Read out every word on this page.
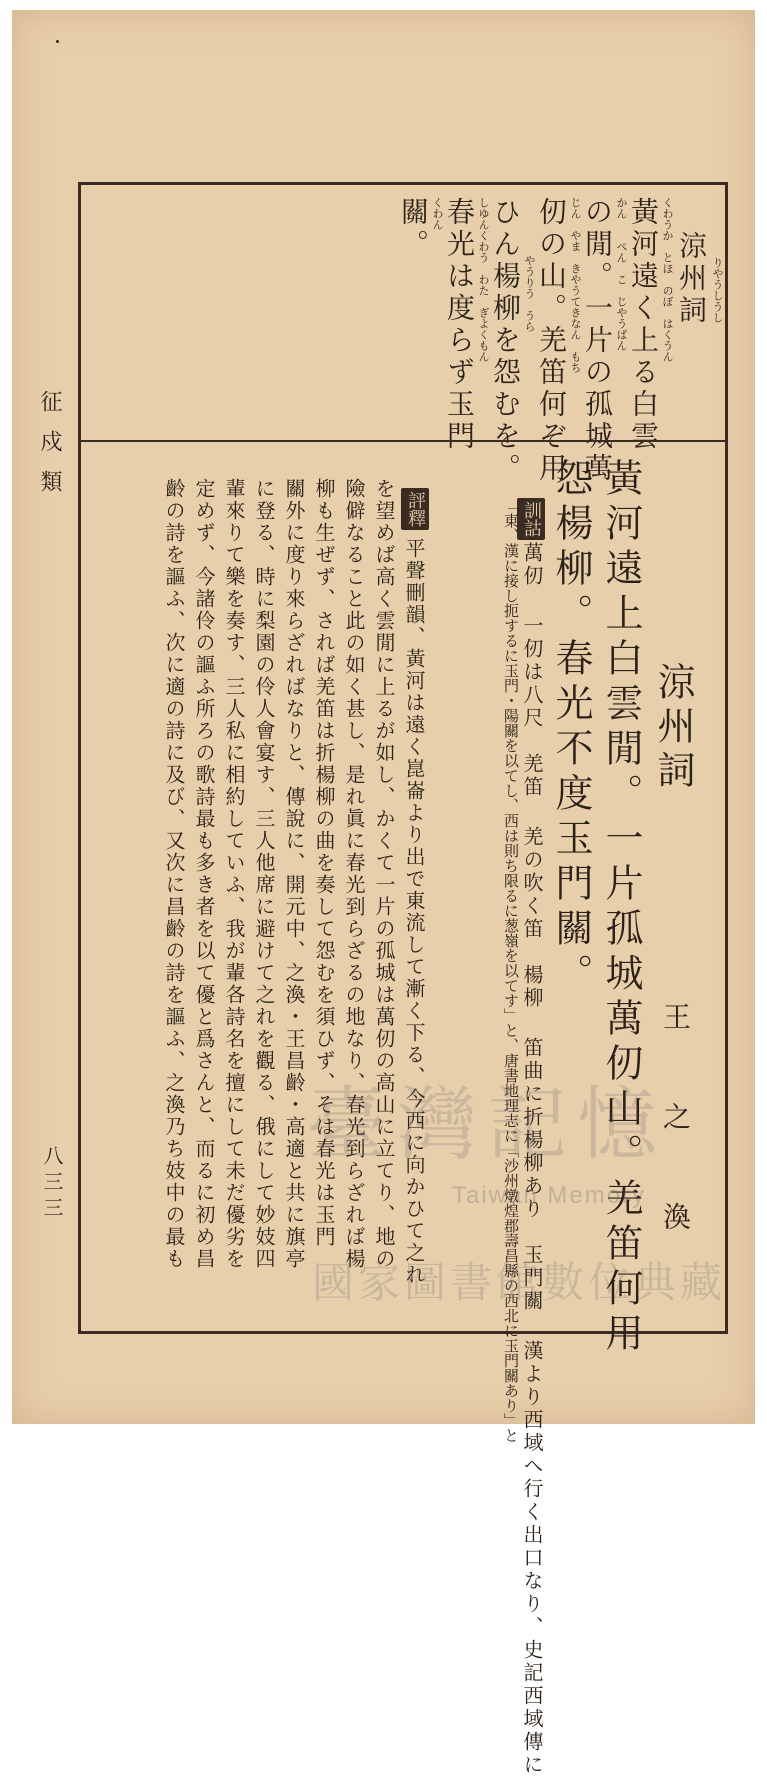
征戍類
八三三
りやうしうし
涼州詞
くわうか　とほ　のぼ　はくうん
黃河遠く上る白雲
かん　　ぺん　こ　じやうばん
の閒。一片の孤城萬
じん　やま　きやうてきなん　もち
仞の山。羌笛何ぞ用
やうりう　うら
ひん楊柳を怨むを。
しゆんくわう　わた　ぎよくもん
春光は度らず玉門
くわん
關。
涼州詞
王　之　渙
黃河遠上白雲閒。一片孤城萬仞山。羌笛何用
怨楊柳。春光不度玉門關。
訓詁
萬仞 一仞は八尺　羌笛 羌の吹く笛　楊柳 笛曲に折楊柳あり　玉門關 漢より西域へ行く出口なり、史記西域傳に
「東、漢に接し扼するに玉門・陽關を以てし、西は則ち限るに葱嶺を以てす」と、唐書地理志に「沙州燉煌郡壽昌縣の西北に玉門關あり」と
評釋
平聲刪韻、黃河は遠く崑崙より出で東流して漸く下る、今西に向かひて之れ
を望めば高く雲閒に上るが如し、かくて一片の孤城は萬仞の高山に立てり、地の
險僻なること此の如く甚し、是れ眞に春光到らざるの地なり、春光到らざれば楊
柳も生ぜず、されば羌笛は折楊柳の曲を奏して怨むを須ひず、そは春光は玉門
關外に度り來らざればなりと、傳說に、開元中、之渙・王昌齡・高適と共に旗亭
に登る、時に梨園の伶人會宴す、三人他席に避けて之れを觀る、俄にして妙妓四
輩來りて樂を奏す、三人私に相約していふ、我が輩各詩名を擅にして未だ優劣を
定めず、今諸伶の謳ふ所ろの歌詩最も多き者を以て優と爲さんと、而るに初め昌
齡の詩を謳ふ、次に適の詩に及び、又次に昌齡の詩を謳ふ、之渙乃ち妓中の最も 臺灣記憶
Taiwan Memory
國家圖書館數位典藏
